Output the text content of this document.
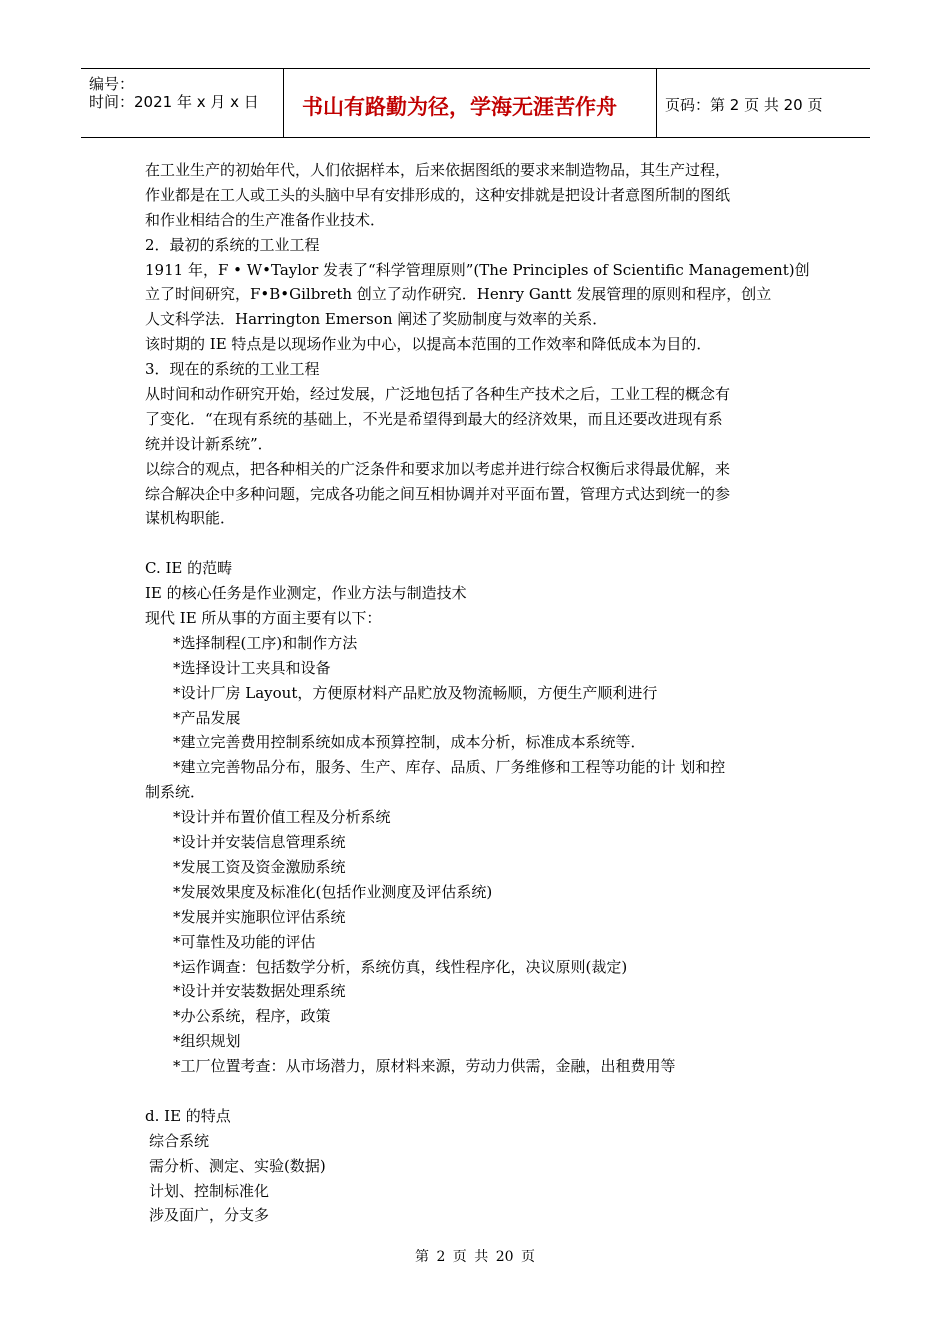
编号：
时间：2021 年 x 月 x 日 书山有路勤为径，学海无涯苦作舟	页码：第 2 页 共 20 页
在工业生产的初始年代，人们依据样本，后来依据图纸的要求来制造物品，其生产过程，
作业都是在工人或工头的头脑中早有安排形成的，这种安排就是把设计者意图所制的图纸
和作业相结合的生产准备作业技术．
2．最初的系统的工业工程
1911 年，F • W•Taylor 发表了“科学管理原则”(The Principles of Scientific Management)创
立了时间研究，F•B•Gilbreth 创立了动作研究．Henry Gantt 发展管理的原则和程序，创立
人文科学法．Harrington Emerson 阐述了奖励制度与效率的关系．
该时期的 IE 特点是以现场作业为中心，以提高本范围的工作效率和降低成本为目的．
3．现在的系统的工业工程
从时间和动作研究开始，经过发展，广泛地包括了各种生产技术之后，工业工程的概念有
了变化．“在现有系统的基础上，不光是希望得到最大的经济效果，而且还要改进现有系
统并设计新系统”．
以综合的观点，把各种相关的广泛条件和要求加以考虑并进行综合权衡后求得最优解，来
综合解决企中多种问题，完成各功能之间互相协调并对平面布置，管理方式达到统一的参
谋机构职能．
C. IE 的范畴
IE 的核心任务是作业测定，作业方法与制造技术
现代 IE 所从事的方面主要有以下：
*选择制程(工序)和制作方法
*选择设计工夹具和设备
*设计厂房 Layout，方便原材料产品贮放及物流畅顺，方便生产顺利进行
*产品发展
*建立完善费用控制系统如成本预算控制，成本分析，标准成本系统等．
*建立完善物品分布，服务、生产、库存、品质、厂务维修和工程等功能的计 划和控
制系统．
*设计并布置价值工程及分析系统
*设计并安装信息管理系统
*发展工资及资金激励系统
*发展效果度及标准化(包括作业测度及评估系统)
*发展并实施职位评估系统
*可靠性及功能的评估
*运作调查：包括数学分析，系统仿真，线性程序化，决议原则(裁定)
*设计并安装数据处理系统
*办公系统，程序，政策
*组织规划
*工厂位置考查：从市场潜力，原材料来源，劳动力供需，金融，出租费用等
d. IE 的特点
综合系统
需分析、测定、实验(数据)
计划、控制标准化
涉及面广，分支多
第 2 页 共 20 页
